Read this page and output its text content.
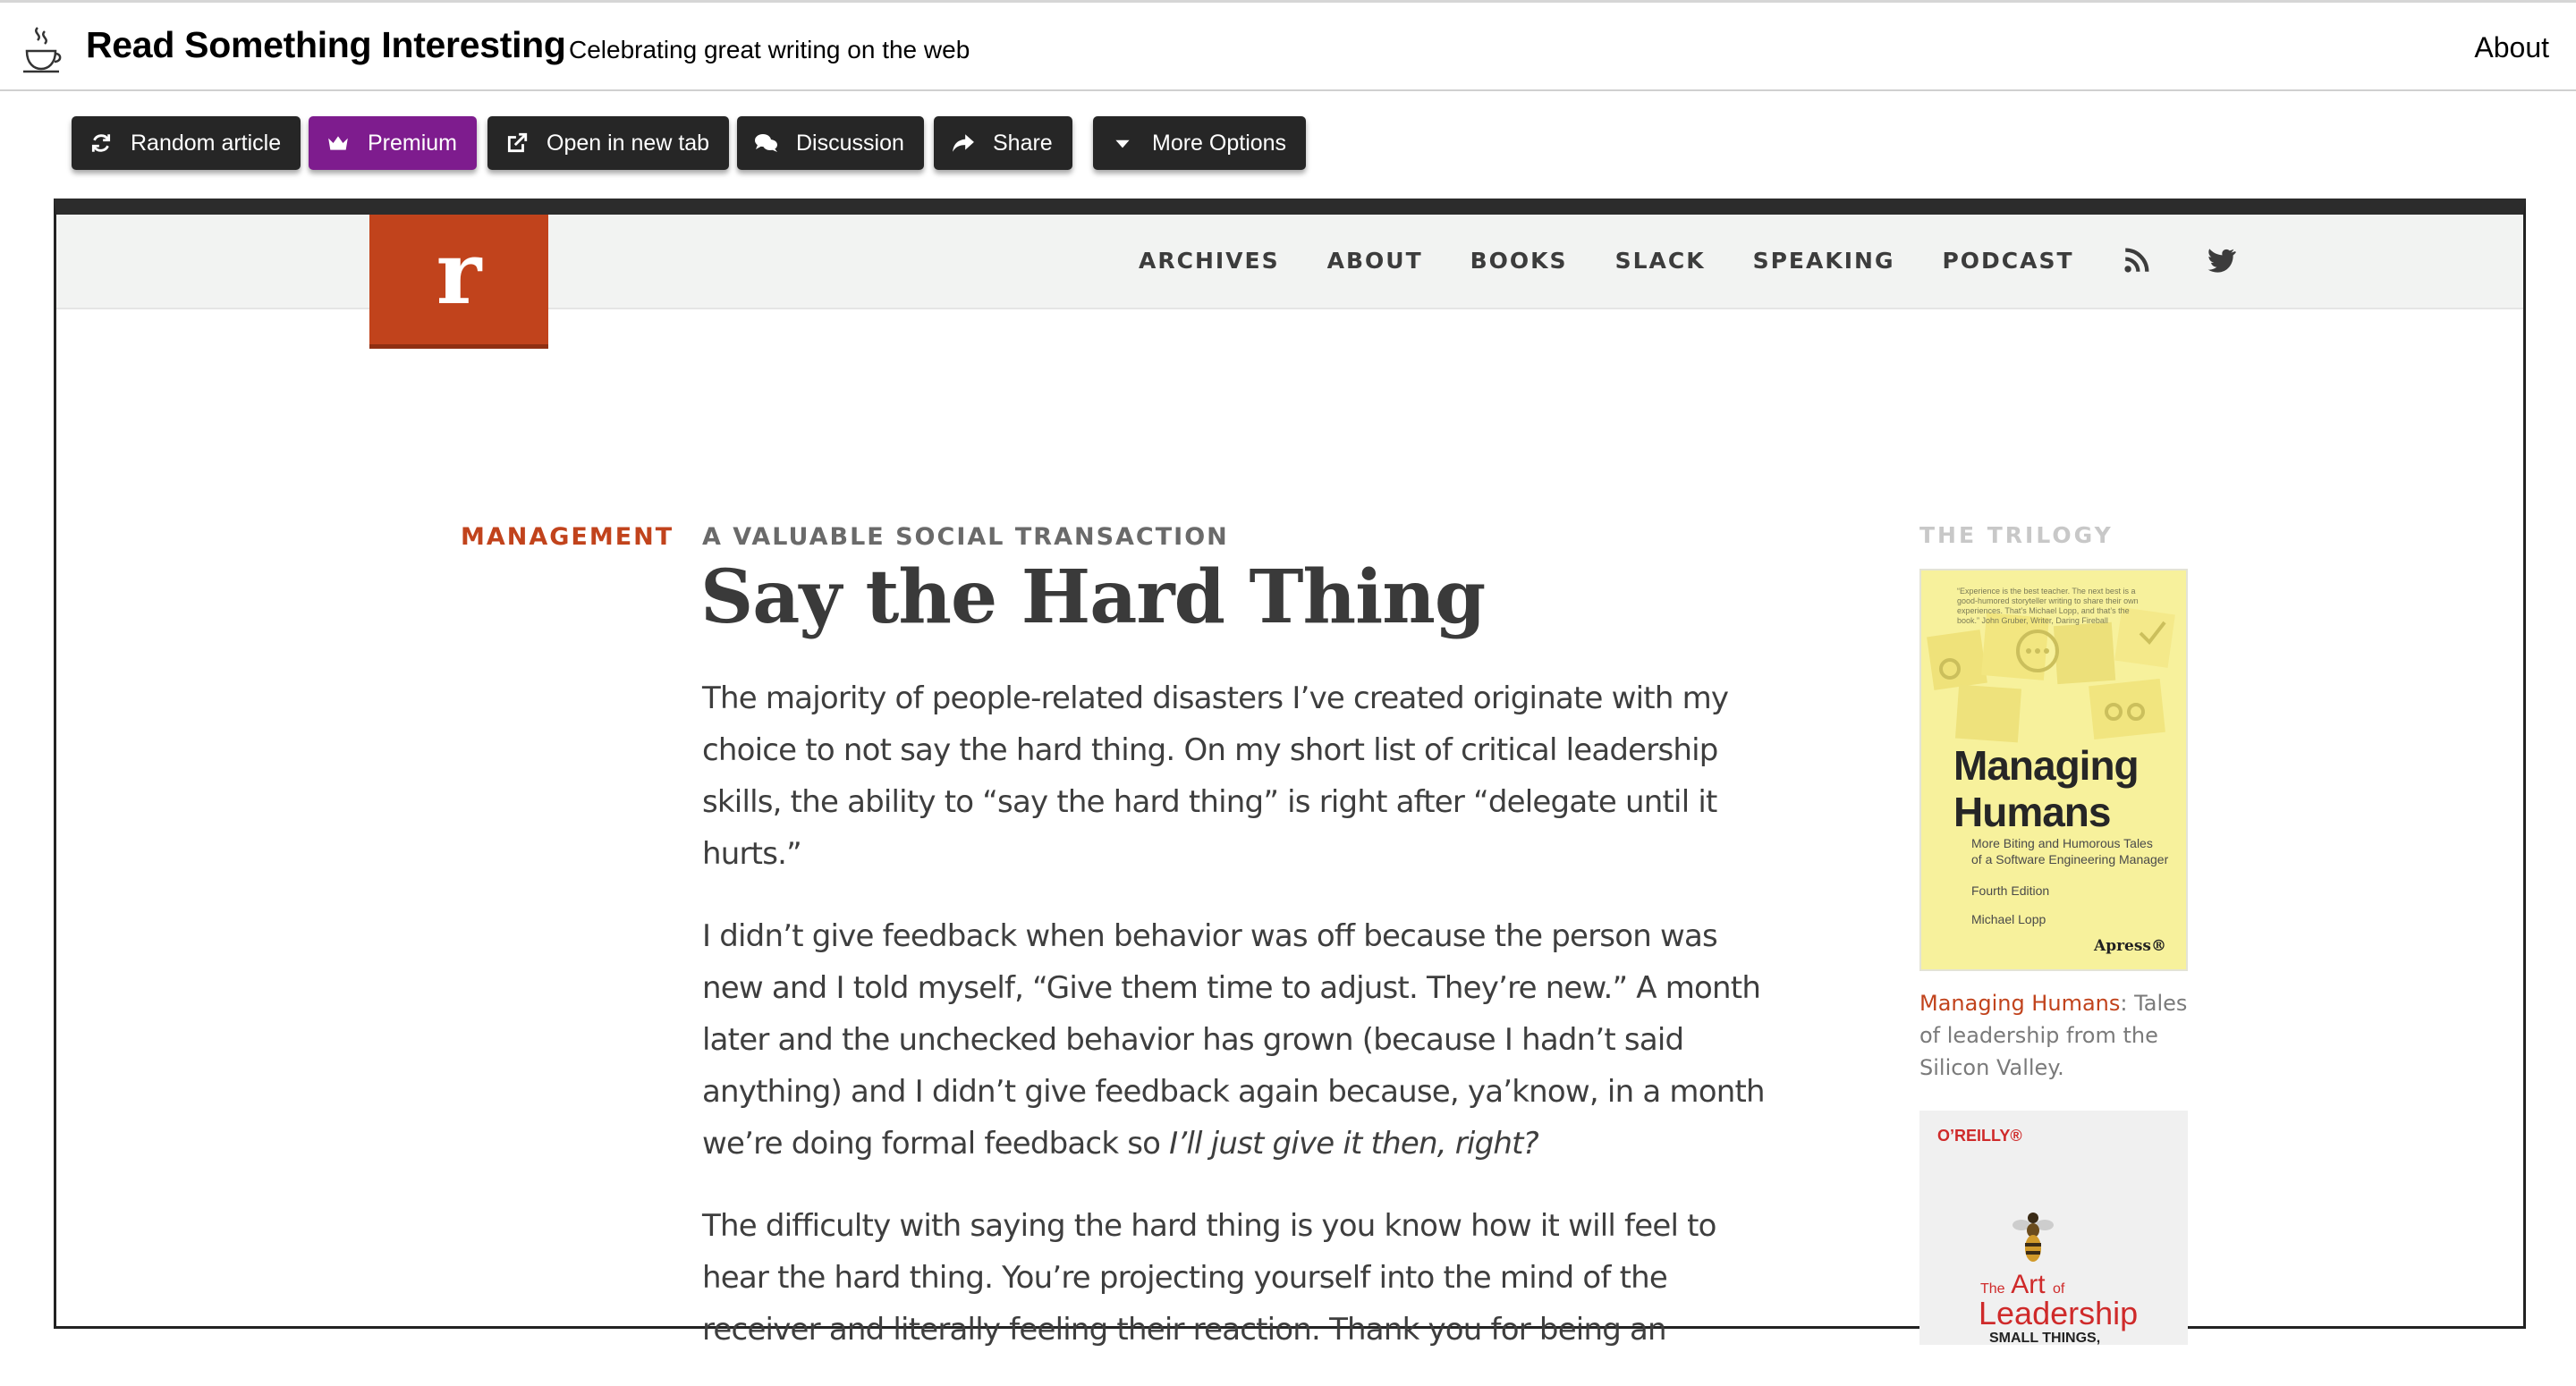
Read Something Interesting Celebrating great writing on the web	About
Random article	Premium	Open in new tab	Discussion	Share	More Options
r	ARCHIVES ABOUT BOOKS SLACK SPEAKING PODCAST
MANAGEMENT A VALUABLE SOCIAL TRANSACTION
Say the Hard Thing

The majority of people-related disasters I’ve created originate with my choice to not say the hard thing. On my short list of critical leadership skills, the ability to “say the hard thing” is right after “delegate until it hurts.”

I didn’t give feedback when behavior was off because the person was new and I told myself, “Give them time to adjust. They’re new.” A month later and the unchecked behavior has grown (because I hadn’t said anything) and I didn’t give feedback again because, ya’know, in a month we’re doing formal feedback so I’ll just give it then, right?

The difficulty with saying the hard thing is you know how it will feel to hear the hard thing. You’re projecting yourself into the mind of the receiver and literally feeling their reaction. Thank you for being an

THE TRILOGY
“Experience is the best teacher. The next best is a good-humored storyteller writing to share their own experiences. That’s Michael Lopp, and that’s the book.” John Gruber, Writer, Daring Fireball
Managing
Humans
More Biting and Humorous Tales
of a Software Engineering Manager
Fourth Edition
Michael Lopp
Apress®
Managing Humans: Tales of leadership from the Silicon Valley.
O’REILLY®
The Art of
Leadership
SMALL THINGS,
